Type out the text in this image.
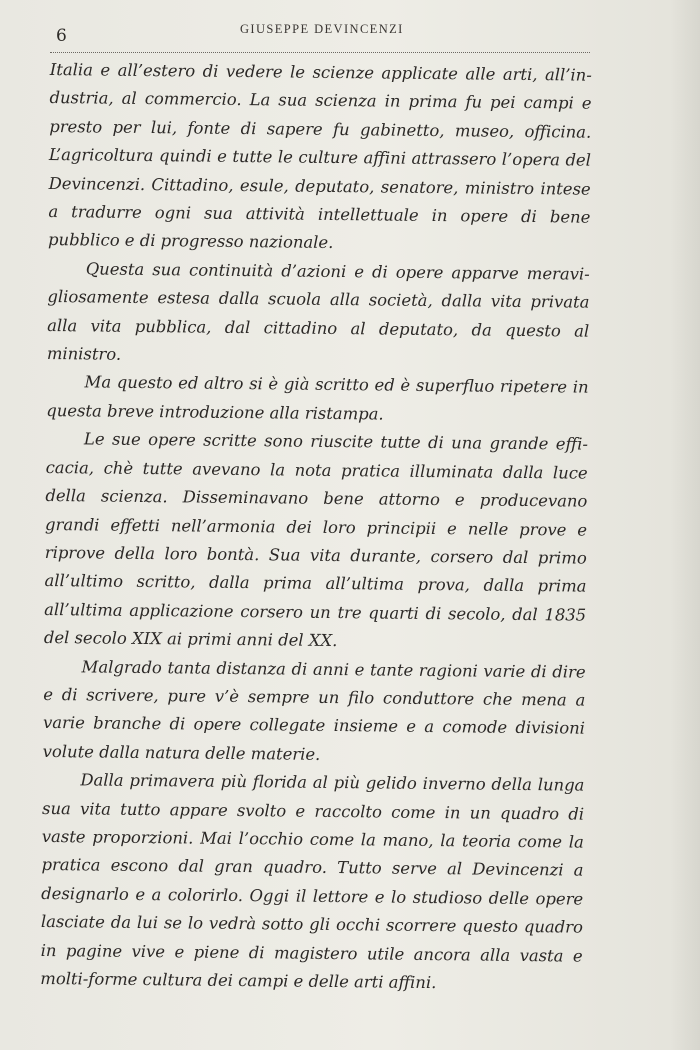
6	GIUSEPPE DEVINCENZI

Italia e all’estero di vedere le scienze applicate alle arti, all’in-dustria, al commercio. La sua scienza in prima fu pei campi e presto per lui, fonte di sapere fu gabinetto, museo, officina. L’agricoltura quindi e tutte le culture affini attrassero l’opera del Devincenzi. Cittadino, esule, deputato, senatore, ministro intese a tradurre ogni sua attività intellettuale in opere di bene pubblico e di progresso nazionale.

Questa sua continuità d’azioni e di opere apparve meravi-gliosamente estesa dalla scuola alla società, dalla vita privata alla vita pubblica, dal cittadino al deputato, da questo al ministro.

Ma questo ed altro si è già scritto ed è superfluo ripetere in questa breve introduzione alla ristampa.

Le sue opere scritte sono riuscite tutte di una grande effi-cacia, chè tutte avevano la nota pratica illuminata dalla luce della scienza. Disseminavano bene attorno e producevano grandi effetti nell’armonia dei loro principii e nelle prove e riprove della loro bontà. Sua vita durante, corsero dal primo all’ultimo scritto, dalla prima all’ultima prova, dalla prima all’ultima applicazione corsero un tre quarti di secolo, dal 1835 del secolo XIX ai primi anni del XX.

Malgrado tanta distanza di anni e tante ragioni varie di dire e di scrivere, pure v’è sempre un filo conduttore che mena a varie branche di opere collegate insieme e a comode divisioni volute dalla natura delle materie.

Dalla primavera più florida al più gelido inverno della lunga sua vita tutto appare svolto e raccolto come in un quadro di vaste proporzioni. Mai l’occhio come la mano, la teoria come la pratica escono dal gran quadro. Tutto serve al Devincenzi a designarlo e a colorirlo. Oggi il lettore e lo studioso delle opere lasciate da lui se lo vedrà sotto gli occhi scorrere questo quadro in pagine vive e piene di magistero utile ancora alla vasta e molti-forme cultura dei campi e delle arti affini.
